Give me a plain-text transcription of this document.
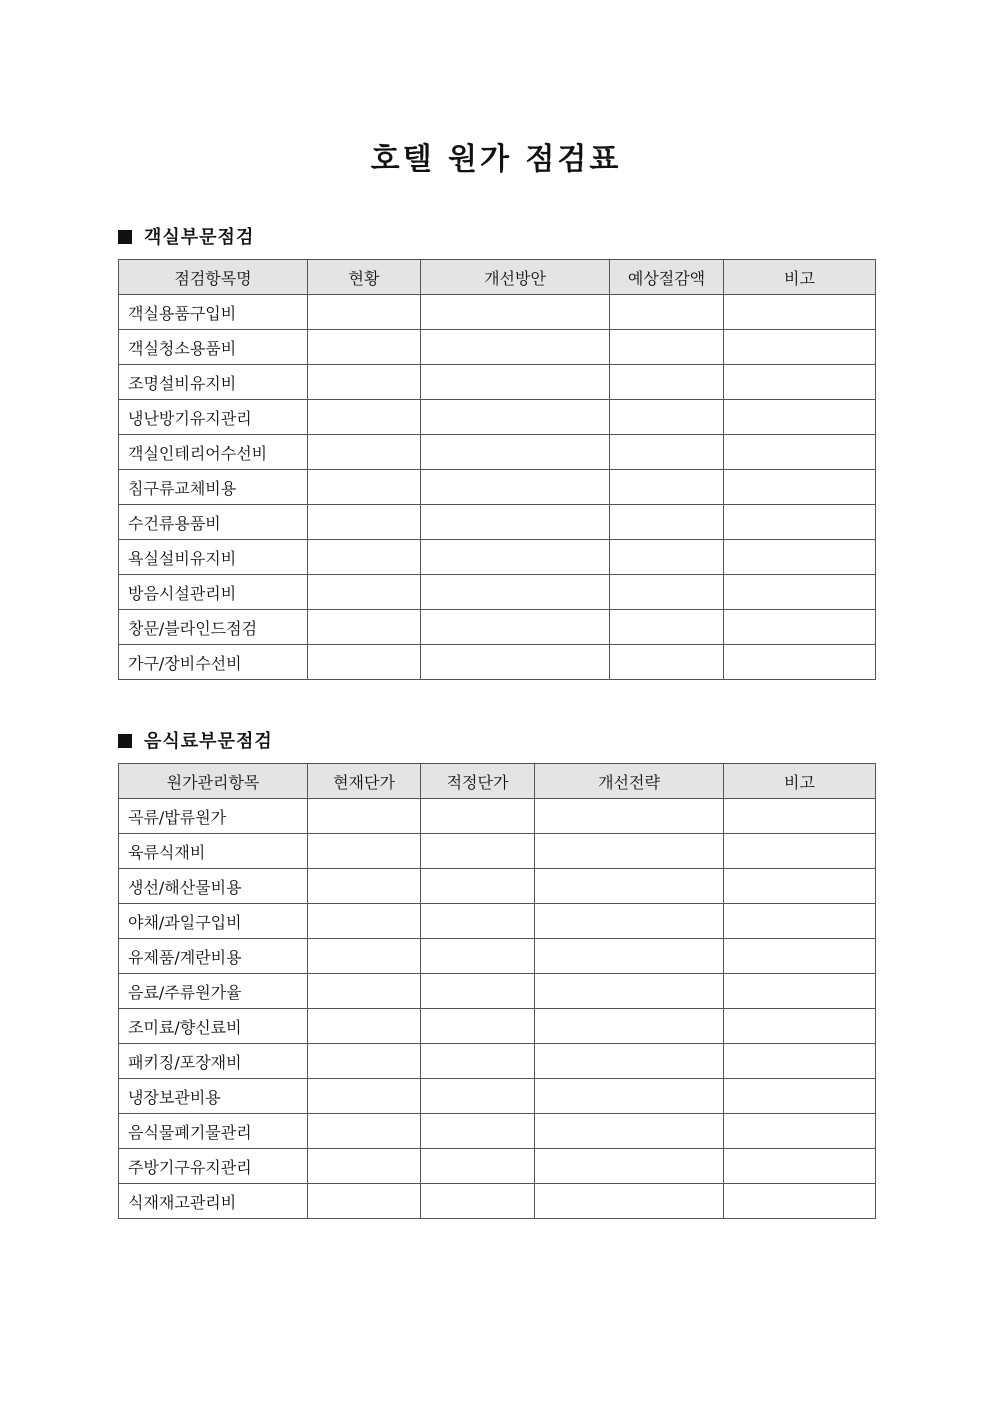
호텔 원가 점검표
객실부문점검
점검항목명	현황	개선방안	예상절감액	비고
객실용품구입비				
객실청소용품비				
조명설비유지비				
냉난방기유지관리				
객실인테리어수선비				
침구류교체비용				
수건류용품비				
욕실설비유지비				
방음시설관리비				
창문/블라인드점검				
가구/장비수선비				
음식료부문점검
원가관리항목	현재단가	적정단가	개선전략	비고
곡류/밥류원가				
육류식재비				
생선/해산물비용				
야채/과일구입비				
유제품/계란비용				
음료/주류원가율				
조미료/향신료비				
패키징/포장재비				
냉장보관비용				
음식물폐기물관리				
주방기구유지관리				
식재재고관리비				
